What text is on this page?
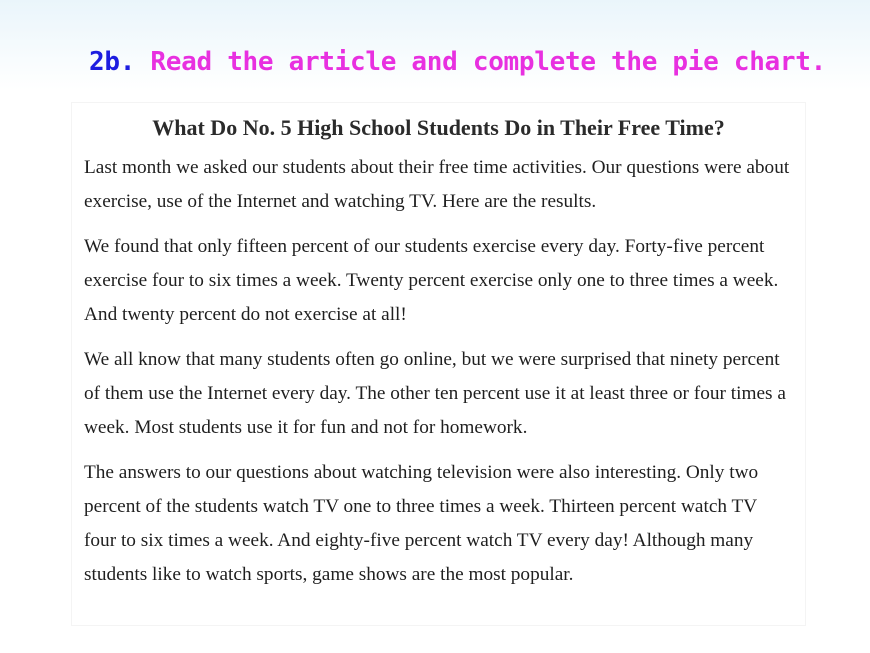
2b. Read the article and complete the pie chart.
What Do No. 5 High School Students Do in Their Free Time?

Last month we asked our students about their free time activities. Our questions were about exercise, use of the Internet and watching TV. Here are the results.

We found that only fifteen percent of our students exercise every day. Forty-five percent exercise four to six times a week. Twenty percent exercise only one to three times a week. And twenty percent do not exercise at all!

We all know that many students often go online, but we were surprised that ninety percent of them use the Internet every day. The other ten percent use it at least three or four times a week. Most students use it for fun and not for homework.

The answers to our questions about watching television were also interesting. Only two percent of the students watch TV one to three times a week. Thirteen percent watch TV four to six times a week. And eighty-five percent watch TV every day! Although many students like to watch sports, game shows are the most popular.
